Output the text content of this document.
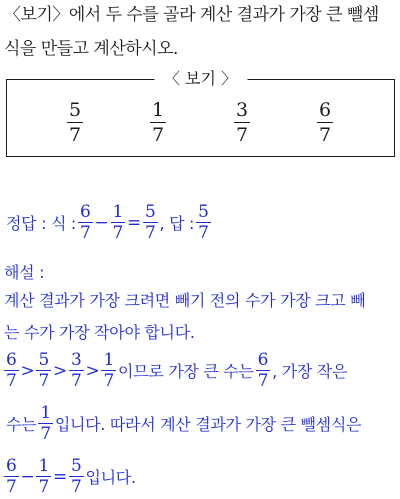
〈보기〉에서 두 수를 골라 계산 결과가 가장 큰 뺄셈
식을 만들고 계산하시오.
〈 보기 〉
$\frac{5}{7}$	$\frac{1}{7}$	$\frac{3}{7}$	$\frac{6}{7}$
정답 : 식 : $\frac{6}{7} - \frac{1}{7} = \frac{5}{7}$ , 답 : $\frac{5}{7}$
해설 :
계산 결과가 가장 크려면 빼기 전의 수가 가장 크고 빼
는 수가 가장 작아야 합니다.
$\frac{6}{7} > \frac{5}{7} > \frac{3}{7} > \frac{1}{7}$ 이므로 가장 큰 수는 $\frac{6}{7}$ , 가장 작은
수는 $\frac{1}{7}$ 입니다. 따라서 계산 결과가 가장 큰 뺄셈식은
$\frac{6}{7} - \frac{1}{7} = \frac{5}{7}$ 입니다.
